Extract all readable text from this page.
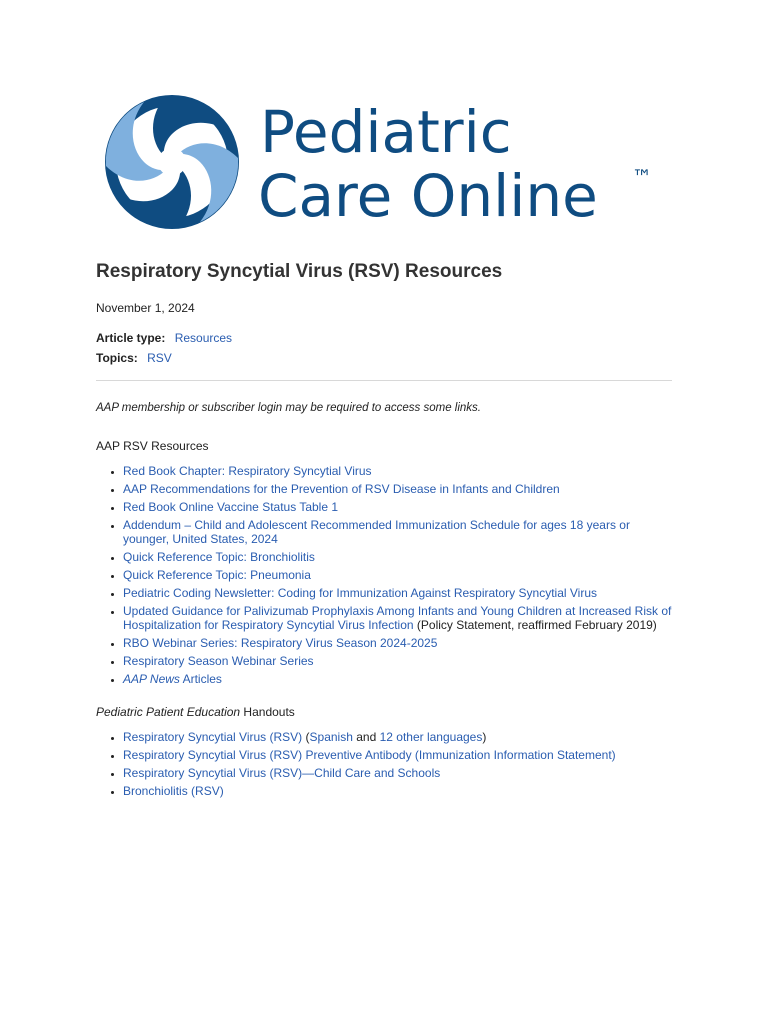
Pediatric
Care Online ™
Respiratory Syncytial Virus (RSV) Resources
November 1, 2024
Article type: Resources
Topics: RSV
AAP membership or subscriber login may be required to access some links.
AAP RSV Resources
• Red Book Chapter: Respiratory Syncytial Virus
• AAP Recommendations for the Prevention of RSV Disease in Infants and Children
• Red Book Online Vaccine Status Table 1
• Addendum – Child and Adolescent Recommended Immunization Schedule for ages 18 years or younger, United States, 2024
• Quick Reference Topic: Bronchiolitis
• Quick Reference Topic: Pneumonia
• Pediatric Coding Newsletter: Coding for Immunization Against Respiratory Syncytial Virus
• Updated Guidance for Palivizumab Prophylaxis Among Infants and Young Children at Increased Risk of Hospitalization for Respiratory Syncytial Virus Infection (Policy Statement, reaffirmed February 2019)
• RBO Webinar Series: Respiratory Virus Season 2024-2025
• Respiratory Season Webinar Series
• AAP News Articles
Pediatric Patient Education Handouts
• Respiratory Syncytial Virus (RSV) (Spanish and 12 other languages)
• Respiratory Syncytial Virus (RSV) Preventive Antibody (Immunization Information Statement)
• Respiratory Syncytial Virus (RSV)—Child Care and Schools
• Bronchiolitis (RSV)
